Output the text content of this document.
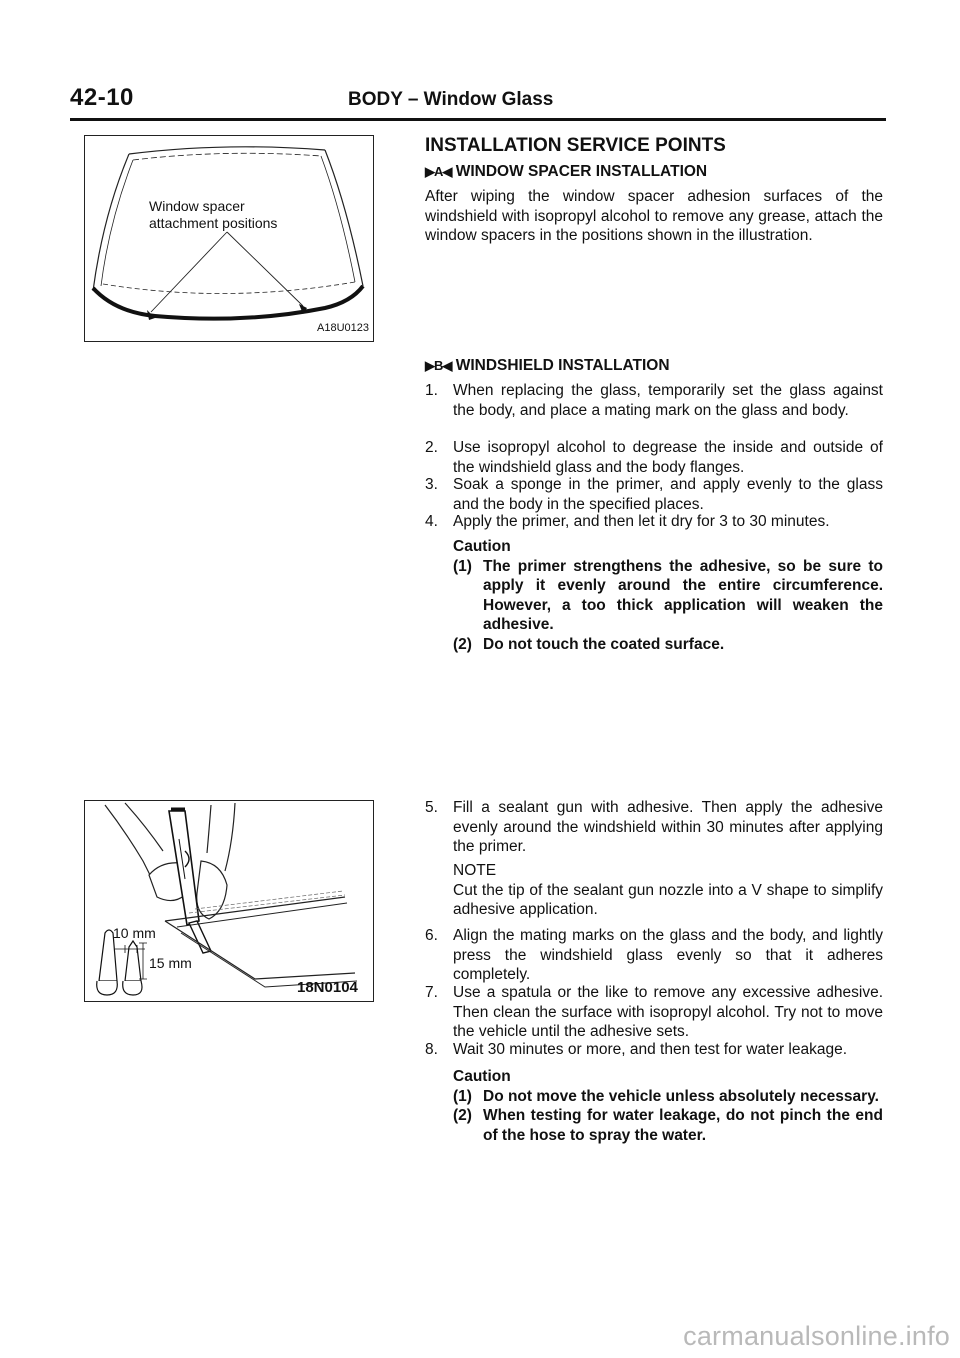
42-10	BODY – Window Glass
Window spacer
attachment positions
A18U0123
10 mm
15 mm
18N0104
INSTALLATION SERVICE POINTS
▶A◀ WINDOW SPACER INSTALLATION
After wiping the window spacer adhesion surfaces of the windshield with isopropyl alcohol to remove any grease, attach the window spacers in the positions shown in the illustration.
▶B◀ WINDSHIELD INSTALLATION
1. When replacing the glass, temporarily set the glass against the body, and place a mating mark on the glass and body.
2. Use isopropyl alcohol to degrease the inside and outside of the windshield glass and the body flanges.
3. Soak a sponge in the primer, and apply evenly to the glass and the body in the specified places.
4. Apply the primer, and then let it dry for 3 to 30 minutes.
Caution
(1) The primer strengthens the adhesive, so be sure to apply it evenly around the entire circumference. However, a too thick application will weaken the adhesive.
(2) Do not touch the coated surface.
5. Fill a sealant gun with adhesive. Then apply the adhesive evenly around the windshield within 30 minutes after applying the primer.
NOTE
Cut the tip of the sealant gun nozzle into a V shape to simplify adhesive application.
6. Align the mating marks on the glass and the body, and lightly press the windshield glass evenly so that it adheres completely.
7. Use a spatula or the like to remove any excessive adhesive. Then clean the surface with isopropyl alcohol. Try not to move the vehicle until the adhesive sets.
8. Wait 30 minutes or more, and then test for water leakage.
Caution
(1) Do not move the vehicle unless absolutely necessary.
(2) When testing for water leakage, do not pinch the end of the hose to spray the water.
carmanualsonline.info
